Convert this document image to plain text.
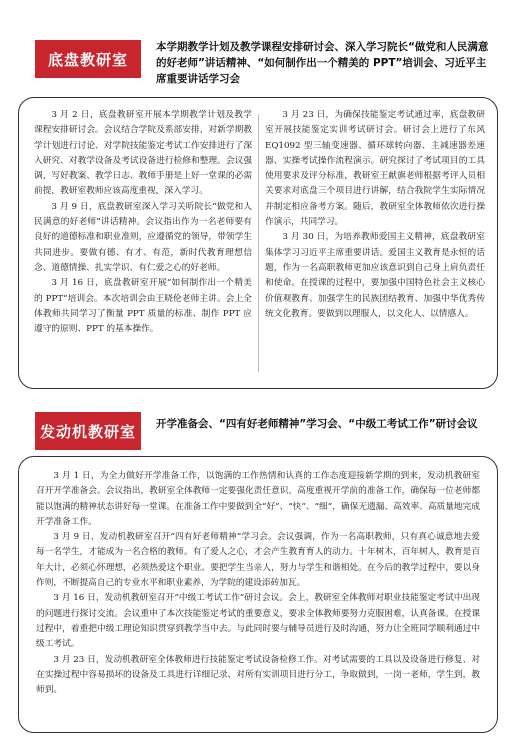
底盘教研室
本学期教学计划及教学课程安排研讨会、深入学习院长“做党和人民满意的好老师”讲话精神、“如何制作出一个精美的 PPT”培训会、习近平主席重要讲话学习会

3 月 2 日，底盘教研室开展本学期教学计划及教学课程安排研讨会。会议结合学院及系部安排，对新学期教学计划进行讨论、对学院技能鉴定考试工作安排进行了深入研究、对教学设备及考试设备进行检修和整理。会议强调，写好教案、教学日志、教师手册是上好一堂课的必需前提，教研室教师应该高度重视，深入学习。

3 月 9 日，底盘教研室深入学习关昕院长“做党和人民满意的好老师”讲话精神。会议指出作为一名老师要有良好的道德标准和职业准则，应遵循党的领导，带领学生共同进步。要做有德、有才、有范，新时代教育理想信念、道德情操、扎实学识、有仁爱之心的好老师。

3 月 16 日，底盘教研室开展“如何制作出一个精美的 PPT”培训会。本次培训会由王晓伦老师主讲。会上全体教师共同学习了衡量 PPT 质量的标准、制作 PPT 应遵守的原则、PPT 的基本操作。

3 月 23 日，为确保技能鉴定考试通过率，底盘教研室开展技能鉴定实训考试研讨会。研讨会上进行了东风 EQ1092 型三轴变速器、循环球转向器、主减速器差速器、实操考试操作流程演示。研究探讨了考试项目的工具使用要求及评分标准，教研室王献旗老师根据考评人员相关要求对底盘三个项目进行讲解，结合我院学生实际情况并制定相应备考方案。随后，教研室全体教师依次进行操作演示，共同学习。

3 月 30 日，为培养教师爱国主义精神，底盘教研室集体学习习近平主席重要讲话。爱国主义教育是永恒的话题，作为一名高职教师更加应该意识到自己身上肩负责任和使命。在授课的过程中，要加强中国特色社会主义核心价值观教育、加强学生的民族团结教育、加强中华优秀传统文化教育。要做到以理服人，以文化人、以情感人。

发动机教研室	开学准备会、“四有好老师精神”学习会、“中级工考试工作”研讨会议

3 月 1 日，为全力做好开学准备工作，以饱满的工作热情和认真的工作态度迎接新学期的到来，发动机教研室召开开学准备会。会议指出，教研室全体教师一定要强化责任意识，高度重视开学前的准备工作，确保每一位老师都能以饱满的精神状态讲好每一堂课。在准备工作中要做到全“好”、“快”、“细”，确保无遗漏、高效率、高质量地完成开学准备工作。

3 月 9 日，发动机教研室召开“四有好老师精神”学习会。会议强调，作为一名高职教师，只有真心诚意地去爱每一名学生，才能成为一名合格的教师。有了爱人之心，才会产生教育育人的动力。十年树木，百年树人，教育是百年大计，必须心怀理想，必须热爱这个职业。要把学生当亲人，努力与学生和谐相处。在今后的教学过程中，要以身作则，不断提高自己的专业水平和职业素养，为学院的建设添砖加瓦。

3 月 16 日，发动机教研室召开“中级工考试工作”研讨会议。会上，教研室全体教师对职业技能鉴定考试中出现的问题进行探讨交流。会议重申了本次技能鉴定考试的重要意义，要求全体教师要努力克服困难，认真备课。在授课过程中，着重把中级工理论知识贯穿到教学当中去。与此同时要与辅导员进行及时沟通，努力让全班同学顺利通过中级工考试。

3 月 23 日，发动机教研室全体教师进行技能鉴定考试设备检修工作。对考试需要的工具以及设备进行修复、对在实操过程中容易损坏的设备及工具进行详细记录、对所有实训项目进行分工，争取做到，一岗一老师，学生到，教师到。
